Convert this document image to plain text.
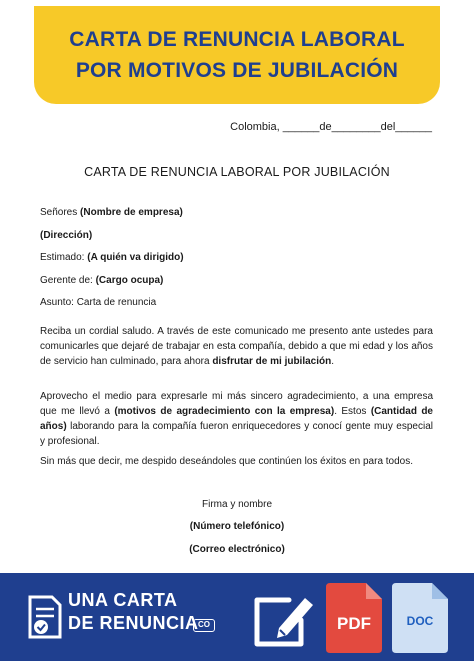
CARTA DE RENUNCIA LABORAL
POR MOTIVOS DE JUBILACIÓN
Colombia, ______de________del______
CARTA DE RENUNCIA LABORAL POR JUBILACIÓN
Señores (Nombre de empresa)
(Dirección)
Estimado: (A quién va dirigido)
Gerente de: (Cargo ocupa)
Asunto: Carta de renuncia
Reciba un cordial saludo. A través de este comunicado me presento ante ustedes para comunicarles que dejaré de trabajar en esta compañía, debido a que mi edad y los años de servicio han culminado, para ahora disfrutar de mi jubilación.
Aprovecho el medio para expresarle mi más sincero agradecimiento, a una empresa que me llevó a (motivos de agradecimiento con la empresa). Estos (Cantidad de años) laborando para la compañía fueron enriquecedores y conocí gente muy especial y profesional.
Sin más que decir, me despido deseándoles que continúen los éxitos en para todos.
Firma y nombre
(Número telefónico)
(Correo electrónico)
UNA CARTA
DE RENUNCIA CO	PDF	DOC
